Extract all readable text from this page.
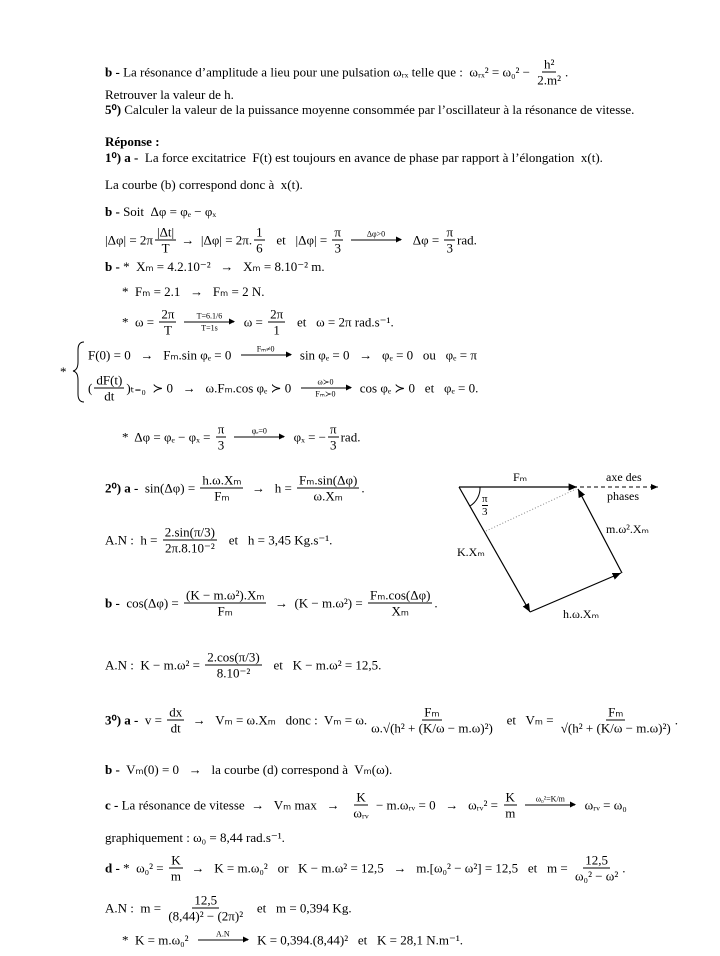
b - La résonance d’amplitude a lieu pour une pulsation ωᵣₓ telle que :  ωᵣₓ² = $\omega_0^2 - \frac{\text{h²}}{\text{2.m²}}$ .
Retrouver la valeur de h.
5⁰) Calculer la valeur de la puissance moyenne consommée par l’oscillateur à la résonance de vitesse.
Réponse :
1⁰) a - La force excitatrice  F(t) est toujours en avance de phase par rapport à l’élongation  x(t).
La courbe (b) correspond donc à  x(t).
b - Soit  Δφ = φₑ − φₓ
$|\Delta\varphi| = 2\pi \frac{|\Delta t|}{T} \to |\Delta\varphi| = 2\pi$. $\frac{1}{6}$ et   $|\Delta\varphi| = \frac{\pi}{3}$	Δφ>0 $\Delta\varphi = \frac{\pi}{3}$ rad.
b - *  Xₘ = 4.2.10⁻²   →   Xₘ = 8.10⁻² m.
*  Fₘ = 2.1   →   Fₘ = 2 N.
*  $\omega = \frac{2\pi}{T}$	T=6.1/6
T=1s $\omega = \frac{2\pi}{1}$ et   ω = 2π rad.s⁻¹.
*
F(0) = 0   →   Fₘ.sin φₑ = 0	Fₘ≠0 sin φₑ = 0   →   φₑ = 0   ou   φₑ = π
( $\frac{dF(t)}{dt} )_{t=0}$  ≻ 0   →   ω.Fₘ.cos φₑ ≻ 0	ω≻0
Fₘ≻0 cos φₑ ≻ 0   et   φₑ = 0.
*  $\Delta\varphi = \varphi_e - \varphi_x = \frac{\pi}{3}$	φₑ=0 φₓ = − $\frac{\pi}{3}$ rad.
2⁰) $a - \sin(\Delta\varphi) = \frac{\text{h.ω.Xₘ}}{\text{Fₘ}} \to h = \frac{\text{Fₘ.sin(Δφ)}}{\text{ω.Xₘ}}$ .
A.N :  $h = \frac{2.\sin(\pi/3)}{\text{2π.8.10⁻²}}$ et   h = 3,45 Kg.s⁻¹.
$b - \cos(\Delta\varphi) = \frac{\text{(K − m.ω²).Xₘ}}{\text{Fₘ}} \to (K - m.\omega^2) = \frac{\text{Fₘ.cos(Δφ)}}{\text{Xₘ}}$ .
A.N :  $K - m.\omega^2 = \frac{2.\cos(\pi/3)}{\text{8.10⁻²}}$ et   K − m.ω² = 12,5.
3⁰) $a - v = \frac{dx}{dt} \to V_m = \omega.X_m$   donc :  Vₘ = ω. $\frac{\text{Fₘ}}{\text{ω.√(h² + (K/ω − m.ω)²)}}$ et   $V_m = \frac{\text{Fₘ}}{\text{√(h² + (K/ω − m.ω)²)}}$ .
b - Vₘ(0) = 0   →   la courbe (d) correspond à  Vₘ(ω).
c - La résonance de vitesse  →   Vₘ $\max \to \frac{K}{\text{ωᵣᵥ}}$ − m.ωᵣᵥ = 0   →   ωᵣᵥ² = $\frac{K}{m} \omega_0^2=K/m$ ωᵣᵥ = ω₀
graphiquement : ω₀ = 8,44 rad.s⁻¹.
d - *  $\omega_0^2 = \frac{K}{m} \to K = m.\omega_0^2$   or   K − m.ω² = 12,5   →   m.[ω₀² − ω²] = 12,5   et   $m = \frac{12,5}{\text{ω₀² − ω²}}$ .
A.N :  $m = \frac{12,5}{\text{(8,44)² − (2π)²}}$ et   m = 0,394 Kg.
*  K = m.ω₀²	A.N K = 0,394.(8,44)²   et   K = 28,1 N.m⁻¹.
Fₘ	axe des
phases
$\frac{\pi}{3}$
m.ω².Xₘ
K.Xₘ
h.ω.Xₘ
